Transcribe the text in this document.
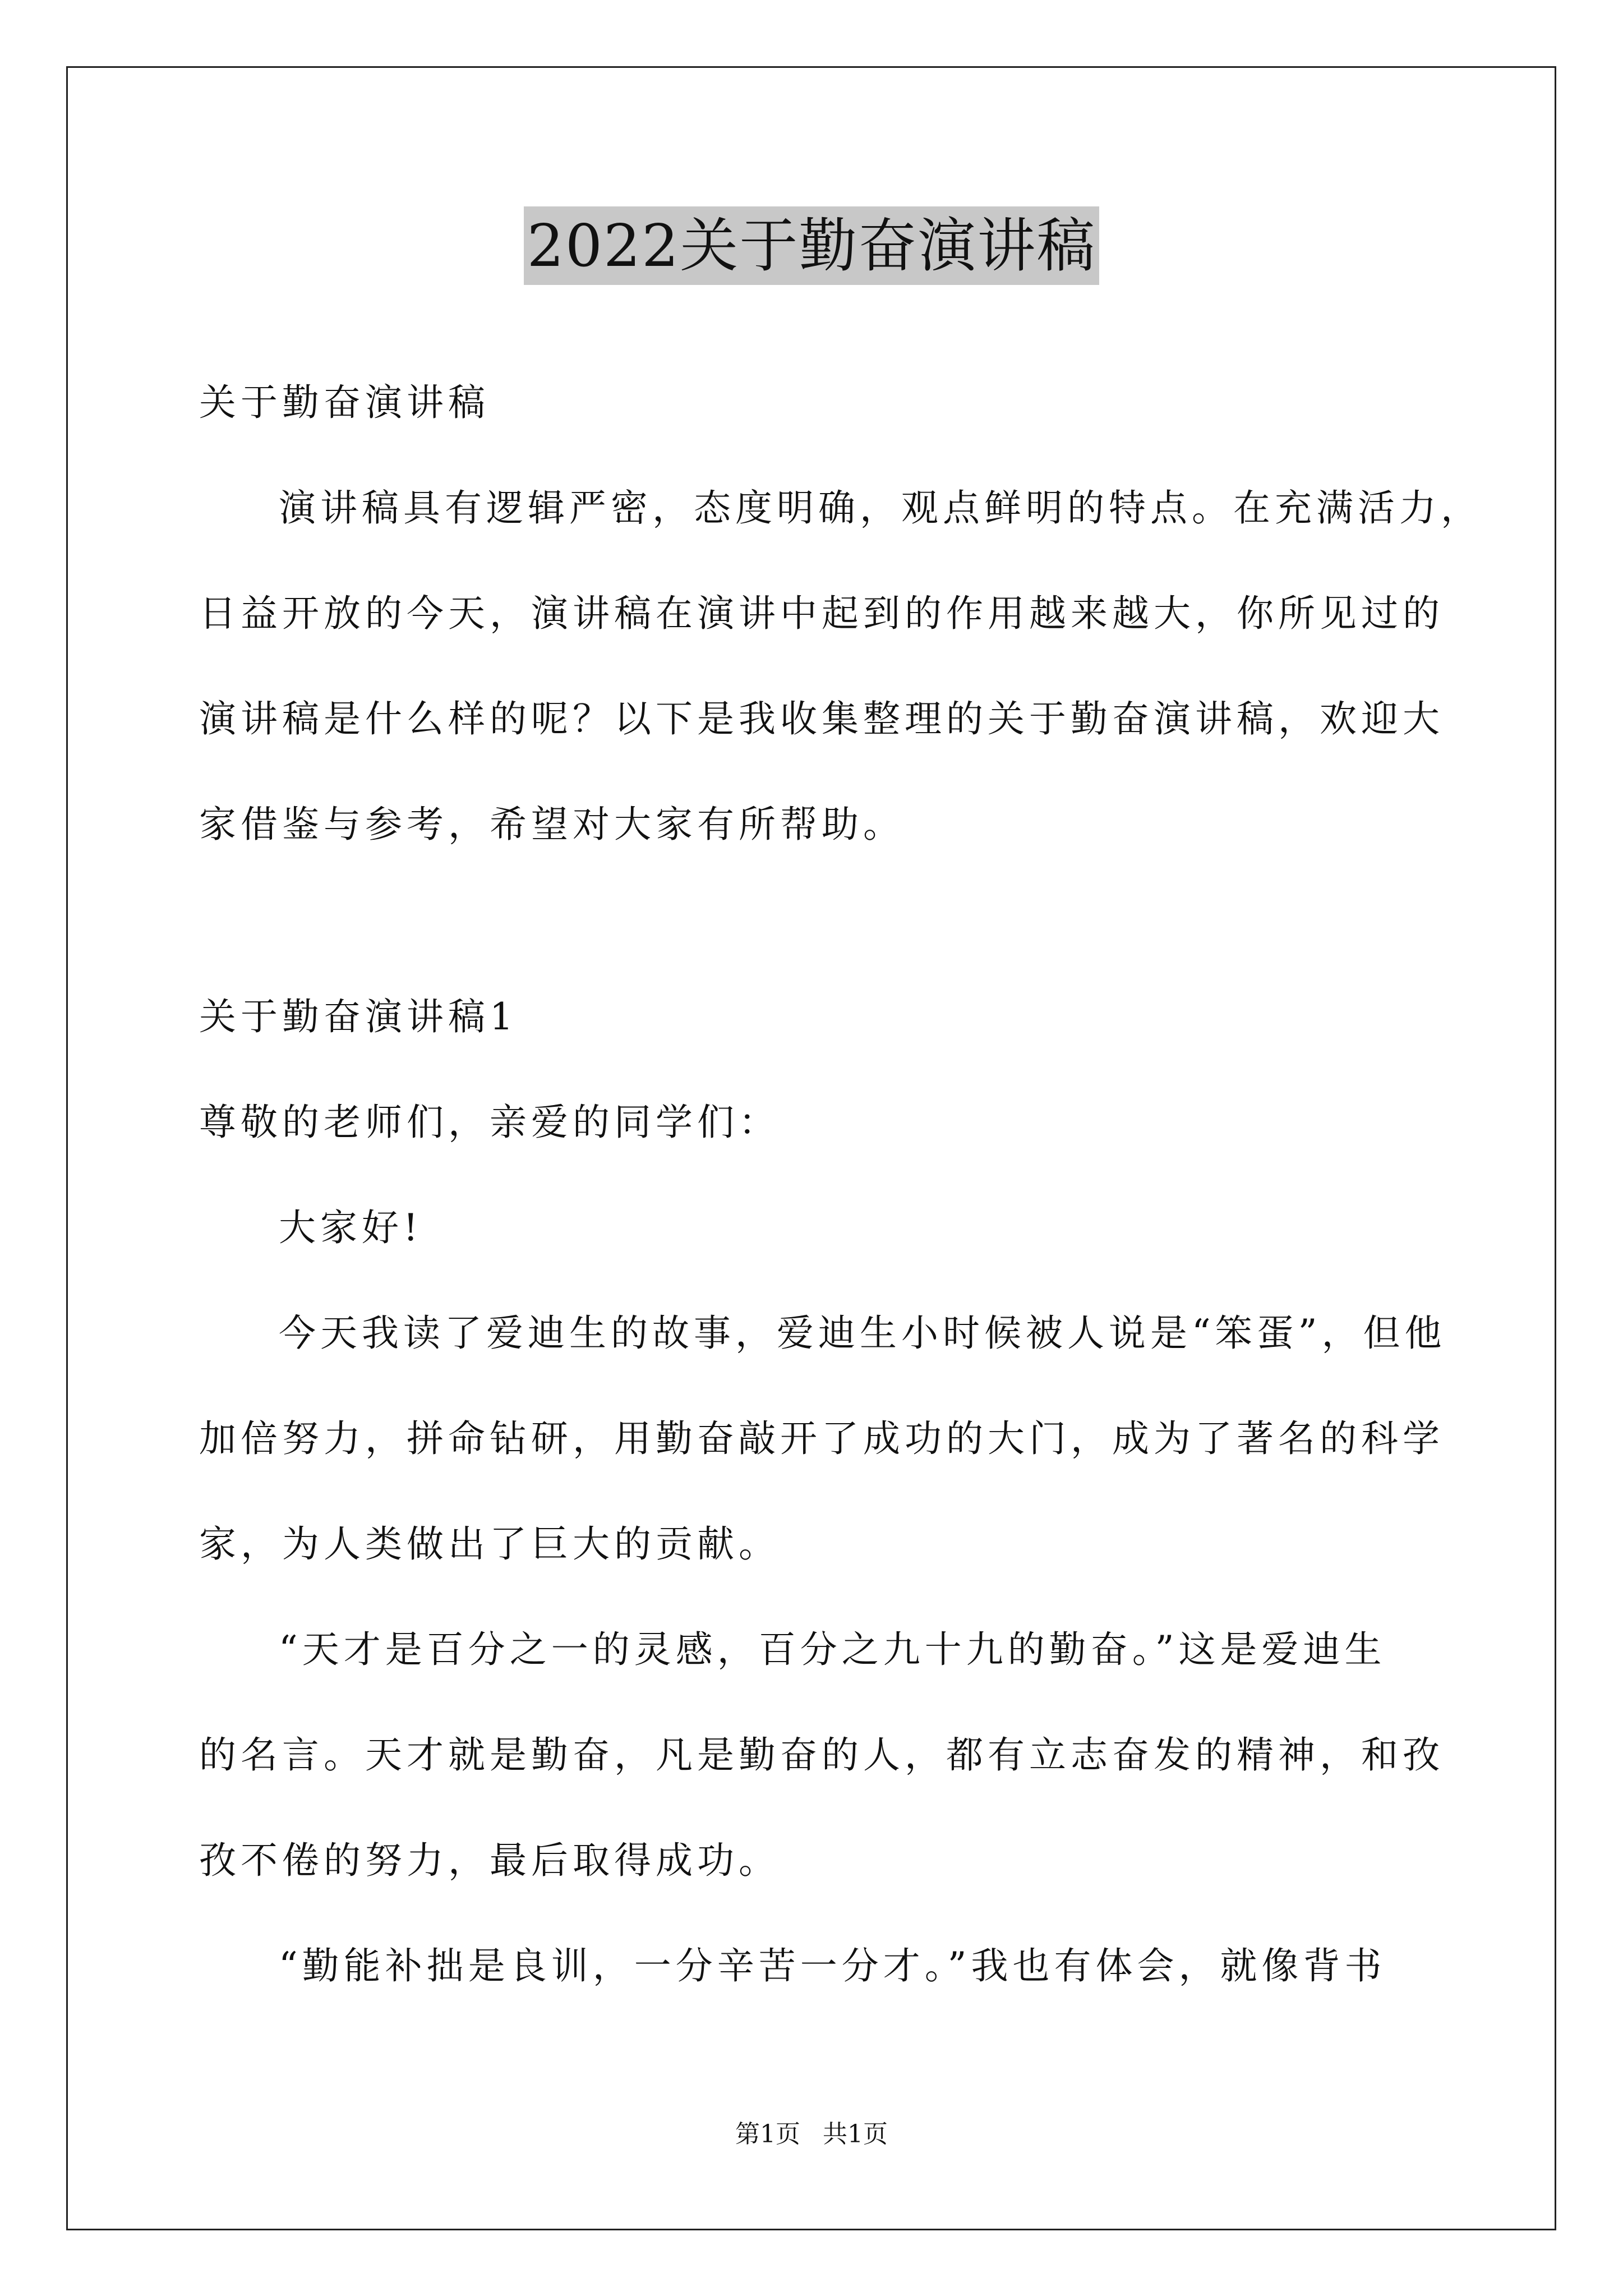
2022关于勤奋演讲稿
关于勤奋演讲稿
演讲稿具有逻辑严密，态度明确，观点鲜明的特点。在充满活力，
日益开放的今天，演讲稿在演讲中起到的作用越来越大，你所见过的
演讲稿是什么样的呢？以下是我收集整理的关于勤奋演讲稿，欢迎大
家借鉴与参考，希望对大家有所帮助。
关于勤奋演讲稿1
尊敬的老师们，亲爱的同学们：
大家好!
今天我读了爱迪生的故事，爱迪生小时候被人说是“笨蛋”，但他
加倍努力，拼命钻研，用勤奋敲开了成功的大门，成为了著名的科学
家，为人类做出了巨大的贡献。
“天才是百分之一的灵感，百分之九十九的勤奋。”这是爱迪生
的名言。天才就是勤奋，凡是勤奋的人，都有立志奋发的精神，和孜
孜不倦的努力，最后取得成功。
“勤能补拙是良训，一分辛苦一分才。”我也有体会，就像背书
第1页 共1页
